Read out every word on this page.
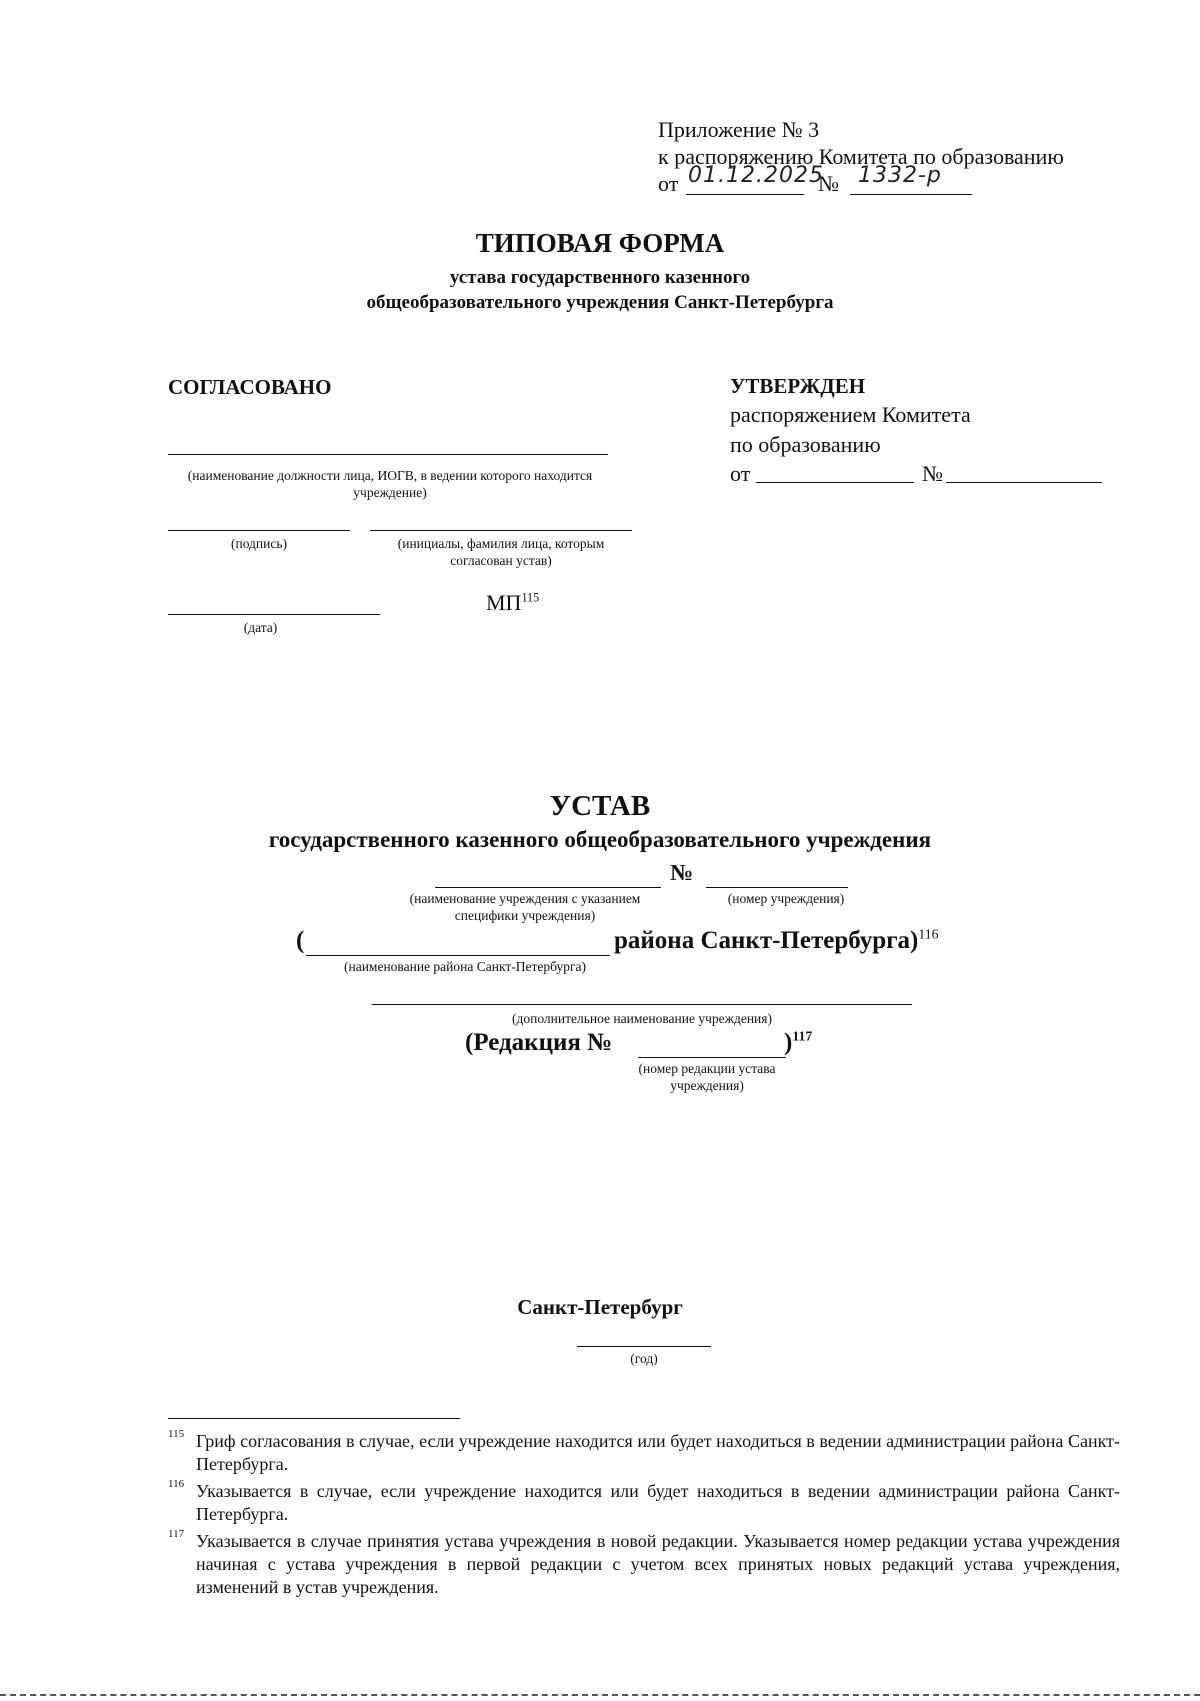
Приложение № 3
к распоряжению Комитета по образованию
от 01.12.2025
№ 1332-р
ТИПОВАЯ ФОРМА
устава государственного казенного
общеобразовательного учреждения Санкт-Петербурга
СОГЛАСОВАНО
(наименование должности лица, ИОГВ, в ведении которого находится учреждение)
(подпись)	(инициалы, фамилия лица, которым согласован устав)
МП$^{115}$
(дата)
УТВЕРЖДЕН
распоряжением Комитета
по образованию
от	№
УСТАВ
государственного казенного общеобразовательного учреждения
№
(наименование учреждения с указанием специфики учреждения)
(номер учреждения)
(	района Санкт-Петербурга)$^{116}$
(наименование района Санкт-Петербурга)
(дополнительное наименование учреждения)
(Редакция №	)$^{117}$
(номер редакции устава учреждения)
Санкт-Петербург
(год)
115 Гриф согласования в случае, если учреждение находится или будет находиться в ведении администрации района Санкт-Петербурга.
116 Указывается в случае, если учреждение находится или будет находиться в ведении администрации района Санкт-Петербурга.
117 Указывается в случае принятия устава учреждения в новой редакции. Указывается номер редакции устава учреждения начиная с устава учреждения в первой редакции с учетом всех принятых новых редакций устава учреждения, изменений в устав учреждения.
